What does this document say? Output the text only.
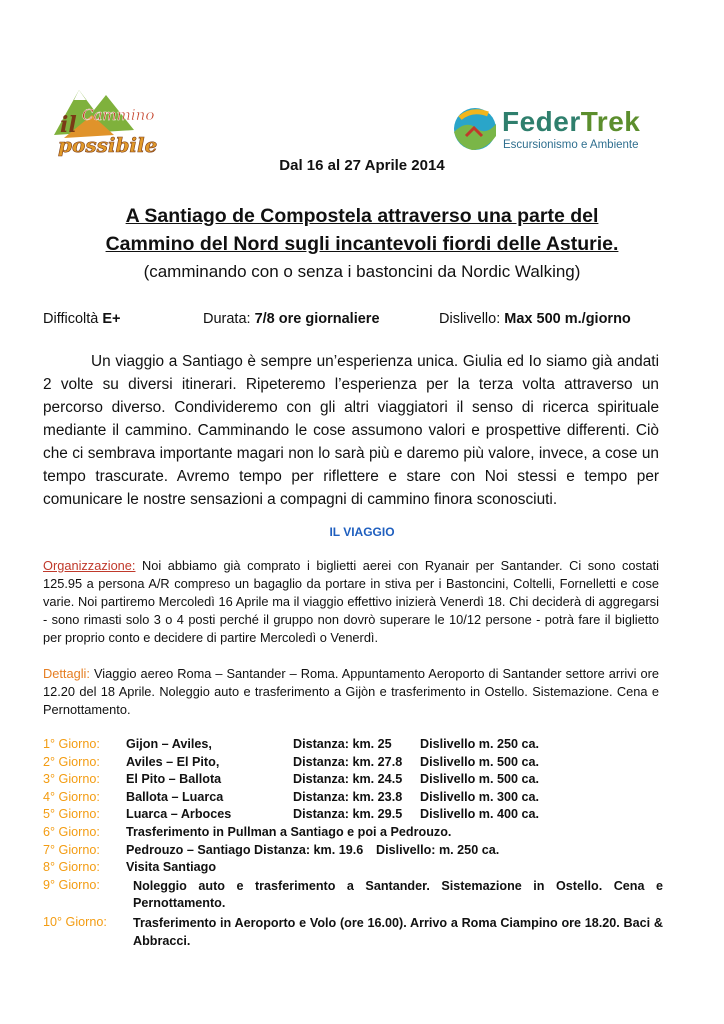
il Cammino
possibile
FederTrek
Escursionismo e Ambiente
Dal 16 al 27 Aprile 2014
A Santiago de Compostela attraverso una parte del
Cammino del Nord sugli incantevoli fiordi delle Asturie.
(camminando con o senza i bastoncini da Nordic Walking)
Difficoltà E+	Durata: 7/8 ore giornaliere	Dislivello: Max 500 m./giorno

Un viaggio a Santiago è sempre un’esperienza unica. Giulia ed Io siamo già andati 2 volte su diversi itinerari. Ripeteremo l’esperienza per la terza volta attraverso un percorso diverso. Condivideremo con gli altri viaggiatori il senso di ricerca spirituale mediante il cammino. Camminando le cose assumono valori e prospettive differenti. Ciò che ci sembrava importante magari non lo sarà più e daremo più valore, invece, a cose un tempo trascurate. Avremo tempo per riflettere e stare con Noi stessi e tempo per comunicare le nostre sensazioni a compagni di cammino finora sconosciuti.

IL VIAGGIO
Organizzazione: Noi abbiamo già comprato i biglietti aerei con Ryanair per Santander. Ci sono costati 125.95 a persona A/R compreso un bagaglio da portare in stiva per i Bastoncini, Coltelli, Fornelletti e cose varie. Noi partiremo Mercoledì 16 Aprile ma il viaggio effettivo inizierà Venerdì 18. Chi deciderà di aggregarsi - sono rimasti solo 3 o 4 posti perché il gruppo non dovrò superare le 10/12 persone - potrà fare il biglietto per proprio conto e decidere di partire Mercoledì o Venerdì.
Dettagli: Viaggio aereo Roma – Santander – Roma. Appuntamento Aeroporto di Santander settore arrivi ore 12.20 del 18 Aprile. Noleggio auto e trasferimento a Gijòn e trasferimento in Ostello. Sistemazione. Cena e Pernottamento.
1° Giorno: Gijon – Aviles,	Distanza: km. 25 Dislivello m. 250 ca.
2° Giorno: Aviles – El Pito,	Distanza: km. 27.8 Dislivello m. 500 ca.
3° Giorno: El Pito – Ballota	Distanza: km. 24.5 Dislivello m. 500 ca.
4° Giorno: Ballota – Luarca	Distanza: km. 23.8 Dislivello m. 300 ca.
5° Giorno: Luarca – Arboces	Distanza: km. 29.5 Dislivello m. 400 ca.
6° Giorno: Trasferimento in Pullman a Santiago e poi a Pedrouzo.
7° Giorno: Pedrouzo – Santiago Distanza: km. 19.6 Dislivello: m. 250 ca.
8° Giorno: Visita Santiago
9° Giorno:	Noleggio auto e trasferimento a Santander. Sistemazione in Ostello. Cena e Pernottamento.
10° Giorno: Trasferimento in Aeroporto e Volo (ore 16.00). Arrivo a Roma Ciampino ore 18.20. Baci & Abbracci.
